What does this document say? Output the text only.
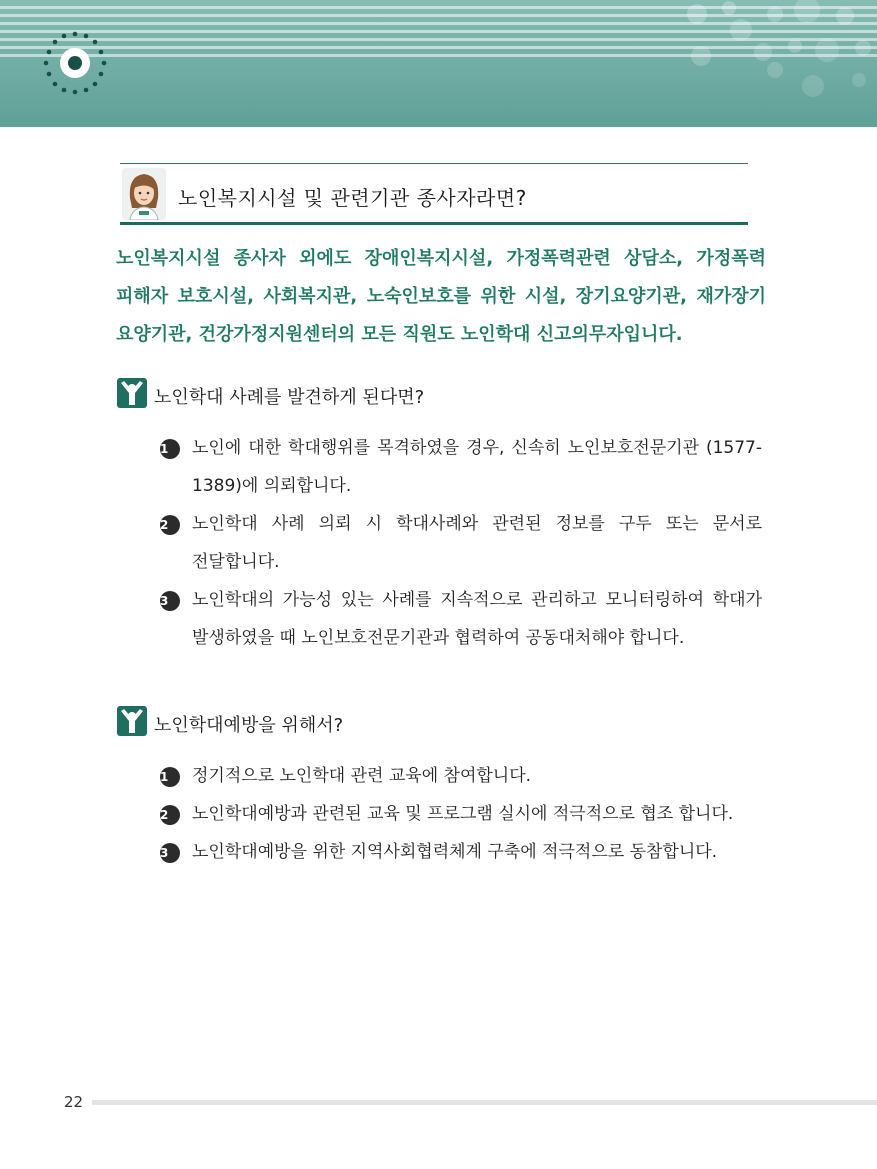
노인복지시설 및 관련기관 종사자라면?

노인복지시설 종사자 외에도 장애인복지시설, 가정폭력관련 상담소, 가정폭력 피해자 보호시설, 사회복지관, 노숙인보호를 위한 시설, 장기요양기관, 재가장기 요양기관, 건강가정지원센터의 모든 직원도 노인학대 신고의무자입니다.

노인학대 사례를 발견하게 된다면?
1	노인에 대한 학대행위를 목격하였을 경우, 신속히 노인보호전문기관 (1577-1389)에 의뢰합니다.
2	노인학대 사례 의뢰 시 학대사례와 관련된 정보를 구두 또는 문서로 전달합니다.
3	노인학대의 가능성 있는 사례를 지속적으로 관리하고 모니터링하여 학대가 발생하였을 때 노인보호전문기관과 협력하여 공동대처해야 합니다.
노인학대예방을 위해서?
1	정기적으로 노인학대 관련 교육에 참여합니다.
2	노인학대예방과 관련된 교육 및 프로그램 실시에 적극적으로 협조 합니다.
3	노인학대예방을 위한 지역사회협력체계 구축에 적극적으로 동참합니다.
22
